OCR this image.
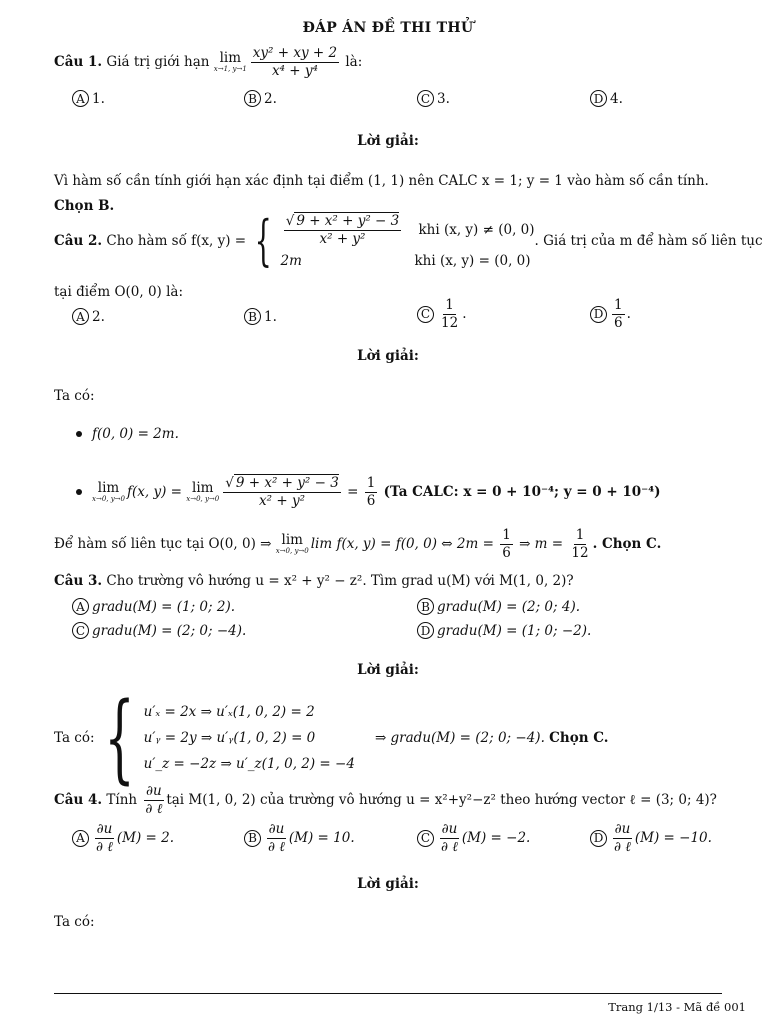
ĐÁP ÁN ĐỀ THI THỬ
Câu 1.
Giá trị giới hạn
lim
x→1, $y\to 1 \frac{\text{xy² + xy + 2}}{\text{x⁴ + y⁴}}$
là:
A 1.	B 2.	C 3.	D 4.
Lời giải:
Vì hàm số cần tính giới hạn xác định tại điểm (1, 1) nên CALC x = 1; y = 1 vào hàm số cần tính.
Chọn B.
Câu 2.
Cho hàm số f(x, y) = { $\frac{\text{√ 9 + x² + y² − 3}}{\text{x² + y²}}$ khi (x, y) ≠ (0, 0)
2m	khi (x, y) = (0, 0)
. Giá trị của m để hàm số liên tục
tại điểm O(0, 0) là:
A 2.	B 1.	C $\frac{1}{12}$ .	D $\frac{1}{6}$ .
Lời giải:
Ta có:
f(0, 0) = 2m.
lim
x→0, y→0 f(x, y) = lim
x→0, $y\to 0 \frac{\text{√ 9 + x² + y² − 3}}{\text{x² + y²}} = \frac{1}{6}$
(Ta CALC: x = 0 + 10⁻⁴; y = 0 + 10⁻⁴)
Để hàm số liên tục tại O(0, 0) ⇒
lim
x→0, y→0 lim f(x, y) = f(0, 0) ⇔ 2m =
$\frac{1}{6}$
⇒ m =
$\frac{1}{12}$ . Chọn C.
Câu 3.
Cho trường vô hướng u = x² + y² − z². Tìm grad u(M) với M(1, 0, 2)?
A gradu(M) = (1; 0; 2).	B gradu(M) = (2; 0; 4).
C gradu(M) = (2; 0; −4).	D gradu(M) = (1; 0; −2).
Lời giải:
Ta có: { u′ₓ = 2x ⇒ u′ₓ(1, 0, 2) = 2
u′ᵧ = 2y ⇒ u′ᵧ(1, 0, 2) = 0
u′_z = −2z ⇒ u′_z(1, 0, 2) = −4
⇒ gradu(M) = (2; 0; −4).
Chọn C.
Câu 4.
Tính
$\frac{\partial u}{\text{∂ ℓ}}$ tại M(1, 0, 2) của trường vô hướng u = x²+y²−z² theo hướng vector ℓ = (3; 0; 4)?
A $\frac{\partial u}{\text{∂ ℓ}} (M) = 2$.	B $\frac{\partial u}{\text{∂ ℓ}} (M) = 10$.	C $\frac{\partial u}{\text{∂ ℓ}} (M) = -2$.	D $\frac{\partial u}{\text{∂ ℓ}} (M) = -10$.
Lời giải:
Ta có:
Trang 1/13 - Mã đề 001
